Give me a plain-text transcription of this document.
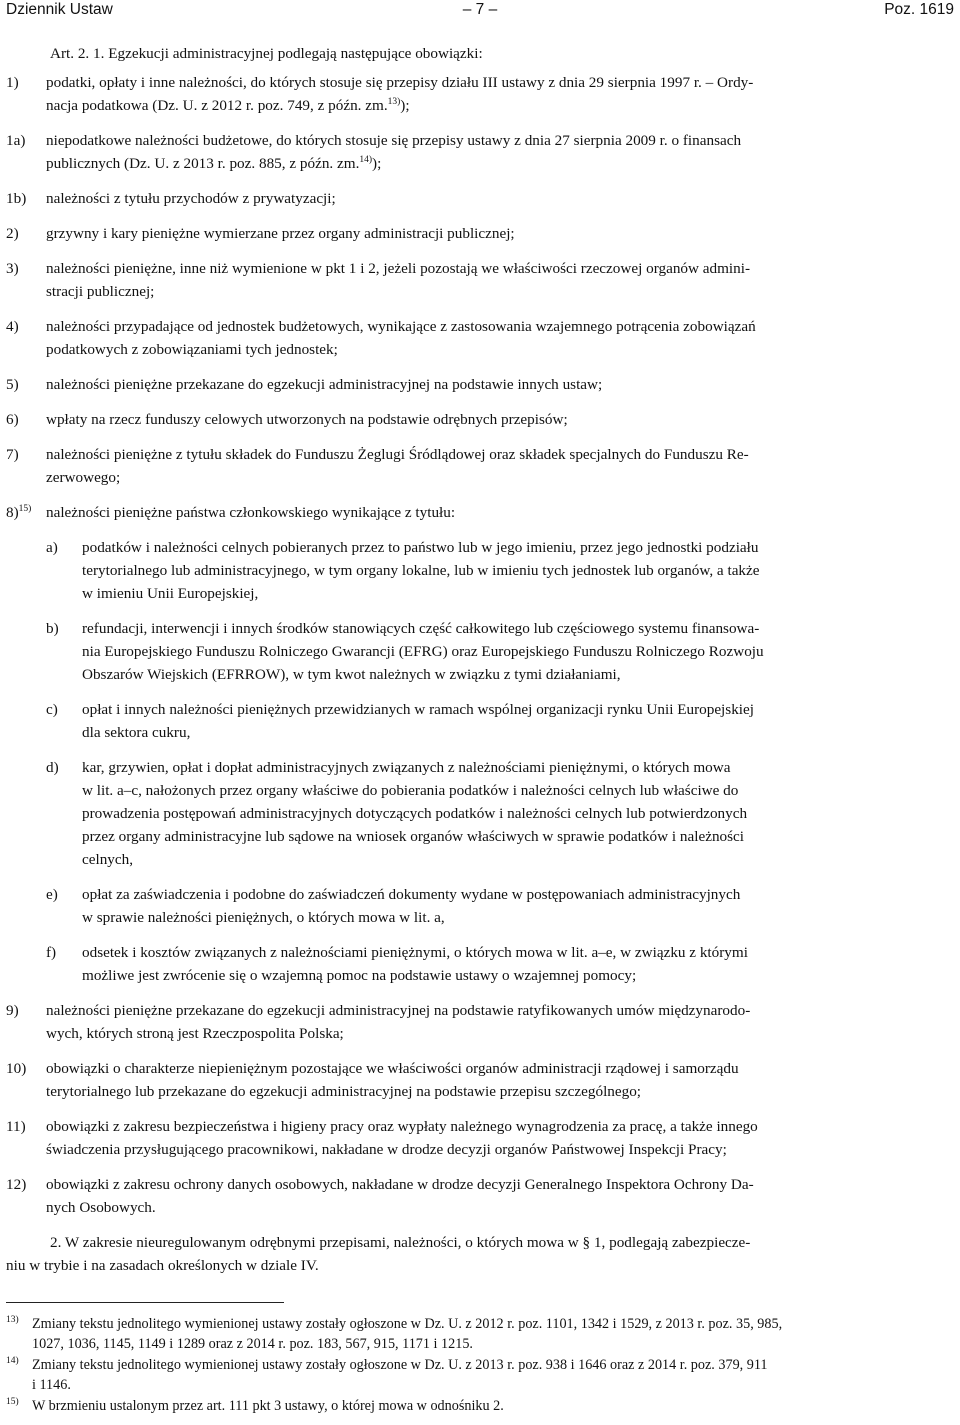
Dziennik Ustaw	– 7 –	Poz. 1619

Art. 2. 1. Egzekucji administracyjnej podlegają następujące obowiązki:

1) podatki, opłaty i inne należności, do których stosuje się przepisy działu III ustawy z dnia 29 sierpnia 1997 r. – Ordy-
nacja podatkowa (Dz. U. z 2012 r. poz. 749, z późn. zm.$^{13)}$);
1a) niepodatkowe należności budżetowe, do których stosuje się przepisy ustawy z dnia 27 sierpnia 2009 r. o finansach
publicznych (Dz. U. z 2013 r. poz. 885, z późn. zm.$^{14)}$);
1b) należności z tytułu przychodów z prywatyzacji;
2) grzywny i kary pieniężne wymierzane przez organy administracji publicznej;
3) należności pieniężne, inne niż wymienione w pkt 1 i 2, jeżeli pozostają we właściwości rzeczowej organów admini-
stracji publicznej;
4) należności przypadające od jednostek budżetowych, wynikające z zastosowania wzajemnego potrącenia zobowiązań
podatkowych z zobowiązaniami tych jednostek;
5) należności pieniężne przekazane do egzekucji administracyjnej na podstawie innych ustaw;
6) wpłaty na rzecz funduszy celowych utworzonych na podstawie odrębnych przepisów;
7) należności pieniężne z tytułu składek do Funduszu Żeglugi Śródlądowej oraz składek specjalnych do Funduszu Re-
zerwowego;
8)$^{15)}$ należności pieniężne państwa członkowskiego wynikające z tytułu:
a) podatków i należności celnych pobieranych przez to państwo lub w jego imieniu, przez jego jednostki podziału
terytorialnego lub administracyjnego, w tym organy lokalne, lub w imieniu tych jednostek lub organów, a także
w imieniu Unii Europejskiej,
b) refundacji, interwencji i innych środków stanowiących część całkowitego lub częściowego systemu finansowa-
nia Europejskiego Funduszu Rolniczego Gwarancji (EFRG) oraz Europejskiego Funduszu Rolniczego Rozwoju
Obszarów Wiejskich (EFRROW), w tym kwot należnych w związku z tymi działaniami,
c) opłat i innych należności pieniężnych przewidzianych w ramach wspólnej organizacji rynku Unii Europejskiej
dla sektora cukru,
d) kar, grzywien, opłat i dopłat administracyjnych związanych z należnościami pieniężnymi, o których mowa
w lit. a–c, nałożonych przez organy właściwe do pobierania podatków i należności celnych lub właściwe do
prowadzenia postępowań administracyjnych dotyczących podatków i należności celnych lub potwierdzonych
przez organy administracyjne lub sądowe na wniosek organów właściwych w sprawie podatków i należności
celnych,
e) opłat za zaświadczenia i podobne do zaświadczeń dokumenty wydane w postępowaniach administracyjnych
w sprawie należności pieniężnych, o których mowa w lit. a,
f) odsetek i kosztów związanych z należnościami pieniężnymi, o których mowa w lit. a–e, w związku z którymi
możliwe jest zwrócenie się o wzajemną pomoc na podstawie ustawy o wzajemnej pomocy;
9) należności pieniężne przekazane do egzekucji administracyjnej na podstawie ratyfikowanych umów międzynarodo-
wych, których stroną jest Rzeczpospolita Polska;
10) obowiązki o charakterze niepieniężnym pozostające we właściwości organów administracji rządowej i samorządu
terytorialnego lub przekazane do egzekucji administracyjnej na podstawie przepisu szczególnego;
11) obowiązki z zakresu bezpieczeństwa i higieny pracy oraz wypłaty należnego wynagrodzenia za pracę, a także innego
świadczenia przysługującego pracownikowi, nakładane w drodze decyzji organów Państwowej Inspekcji Pracy;
12) obowiązki z zakresu ochrony danych osobowych, nakładane w drodze decyzji Generalnego Inspektora Ochrony Da-
nych Osobowych.

2. W zakresie nieuregulowanym odrębnymi przepisami, należności, o których mowa w § 1, podlegają zabezpiecze-
niu w trybie i na zasadach określonych w dziale IV.

13) Zmiany tekstu jednolitego wymienionej ustawy zostały ogłoszone w Dz. U. z 2012 r. poz. 1101, 1342 i 1529, z 2013 r. poz. 35, 985,
1027, 1036, 1145, 1149 i 1289 oraz z 2014 r. poz. 183, 567, 915, 1171 i 1215.
14) Zmiany tekstu jednolitego wymienionej ustawy zostały ogłoszone w Dz. U. z 2013 r. poz. 938 i 1646 oraz z 2014 r. poz. 379, 911
i 1146.
15) W brzmieniu ustalonym przez art. 111 pkt 3 ustawy, o której mowa w odnośniku 2.
